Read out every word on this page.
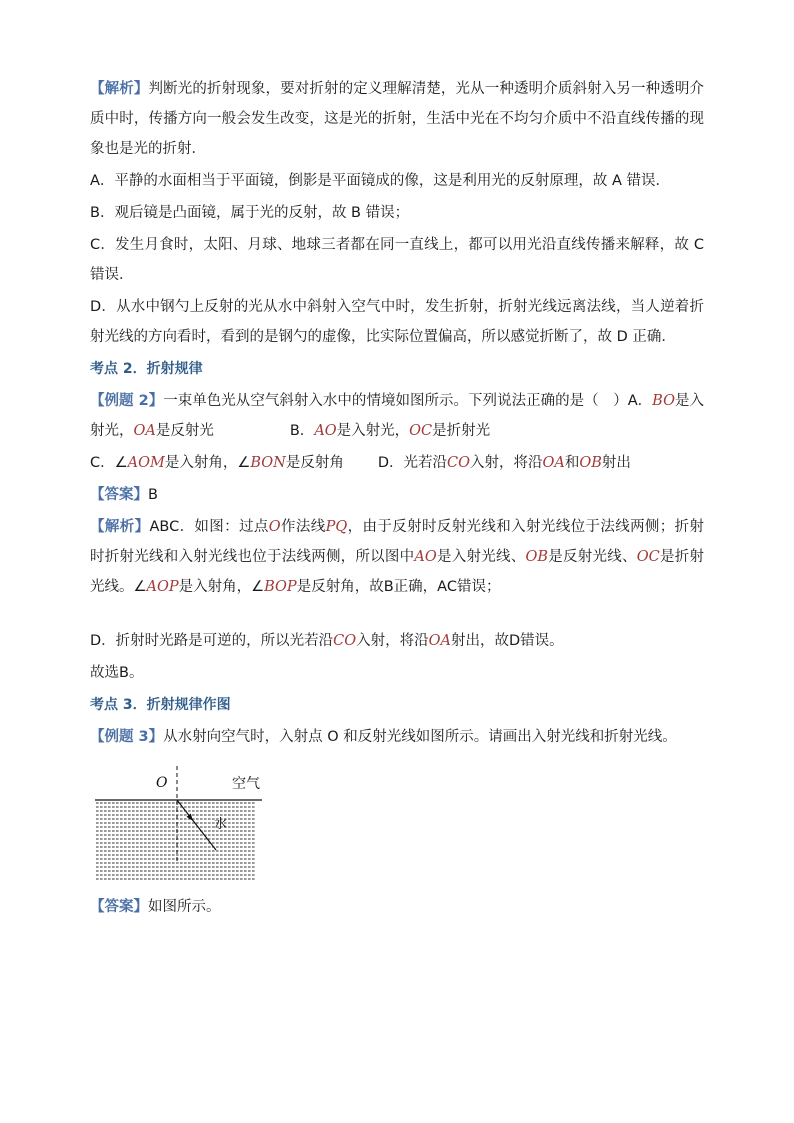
【解析】判断光的折射现象，要对折射的定义理解清楚，光从一种透明介质斜射入另一种透明介质中时，传播方向一般会发生改变，这是光的折射，生活中光在不均匀介质中不沿直线传播的现象也是光的折射．

A．平静的水面相当于平面镜，倒影是平面镜成的像，这是利用光的反射原理，故 A 错误．

B．观后镜是凸面镜，属于光的反射，故 B 错误；

C．发生月食时，太阳、月球、地球三者都在同一直线上，都可以用光沿直线传播来解释，故 C 错误．

D．从水中钢勺上反射的光从水中斜射入空气中时，发生折射，折射光线远离法线，当人逆着折射光线的方向看时，看到的是钢勺的虚像，比实际位置偏高，所以感觉折断了，故 D 正确．

考点 2．折射规律

【例题 2】一束单色光从空气斜射入水中的情境如图所示。下列说法正确的是（　）A．BO是入射光，OA是反射光	B．AO是入射光，OC是折射光

C．∠AOM是入射角，∠BON是反射角 D．光若沿CO入射，将沿OA和OB射出

【答案】B

【解析】ABC．如图：过点O作法线PQ，由于反射时反射光线和入射光线位于法线两侧；折射时折射光线和入射光线也位于法线两侧，所以图中AO是入射光线、OB是反射光线、OC是折射光线。∠AOP是入射角，∠BOP是反射角，故B正确，AC错误；

D．折射时光路是可逆的，所以光若沿CO入射，将沿OA射出，故D错误。

故选B。

考点 3．折射规律作图

【例题 3】从水射向空气时，入射点 O 和反射光线如图所示。请画出入射光线和折射光线。

O	空气
水

【答案】如图所示。
